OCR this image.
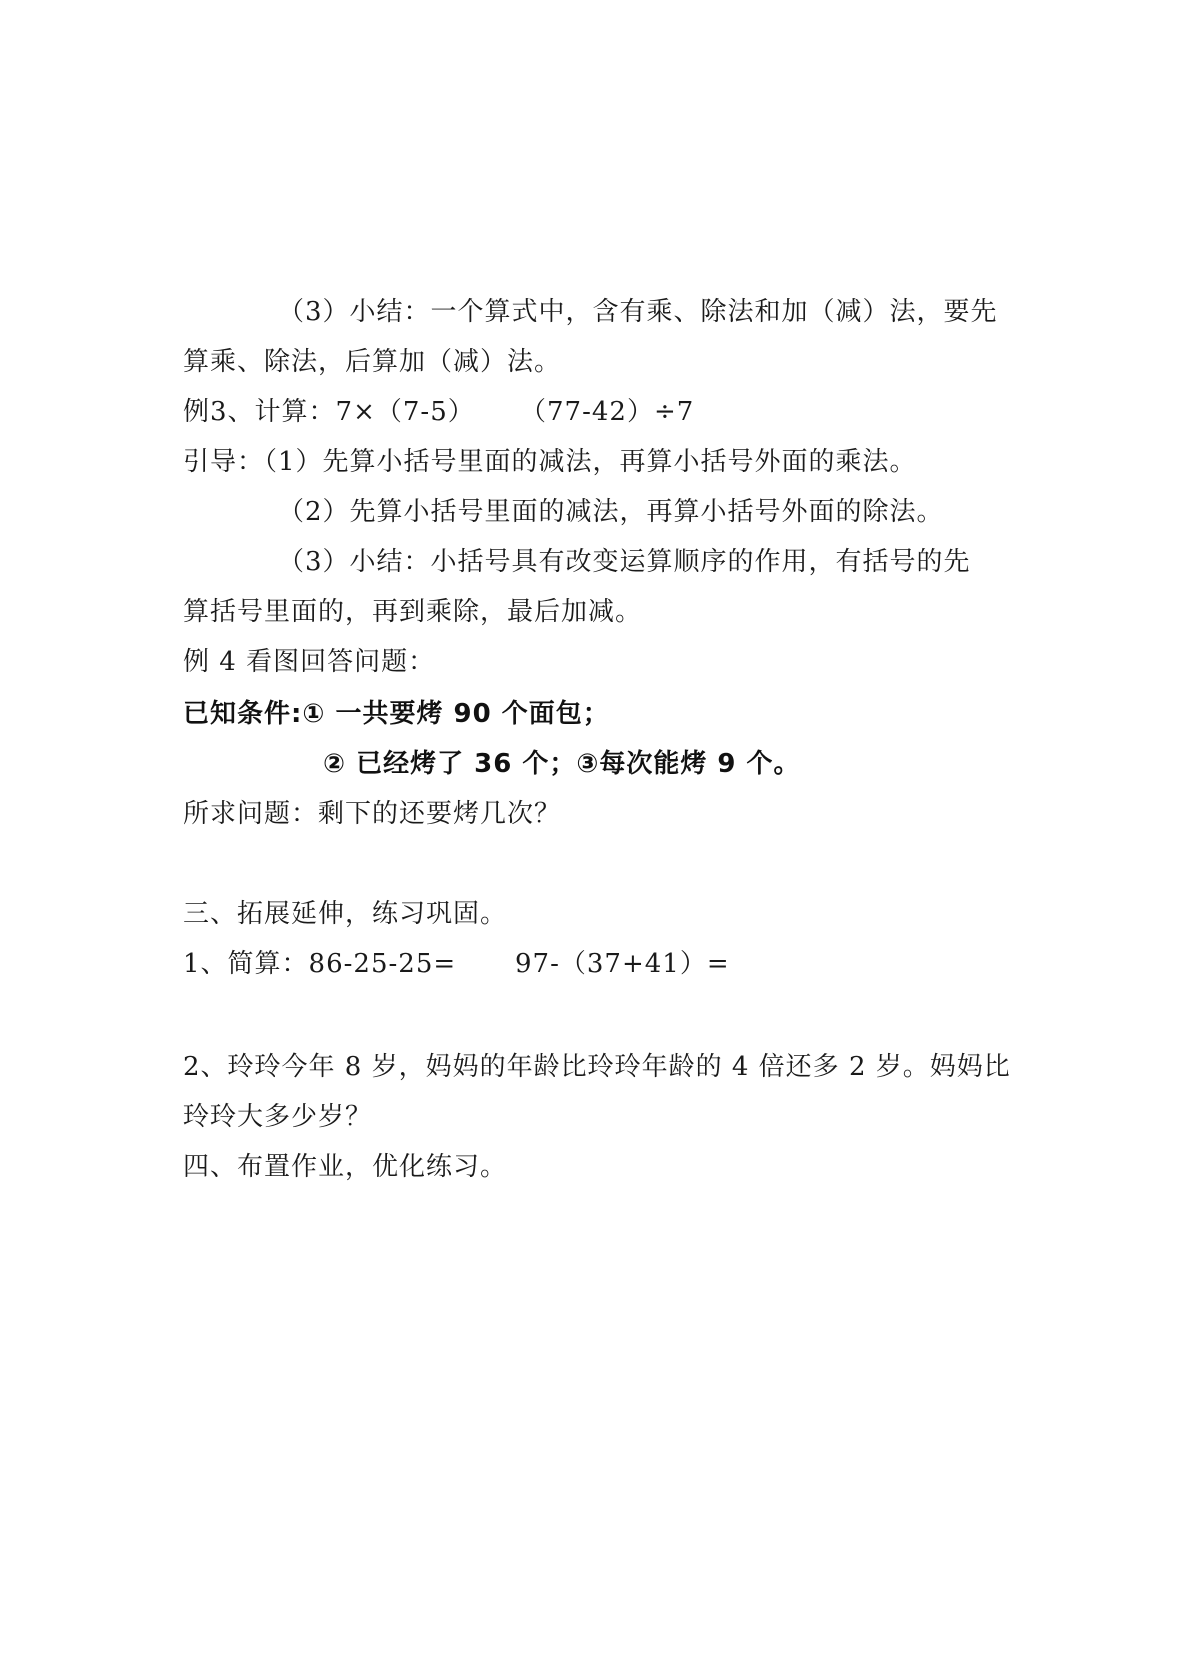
（3）小结：一个算式中，含有乘、除法和加（减）法，要先
算乘、除法，后算加（减）法。
例3、计算：7×（7-5） （77-42）÷7
引导：（1）先算小括号里面的减法，再算小括号外面的乘法。
（2）先算小括号里面的减法，再算小括号外面的除法。
（3）小结：小括号具有改变运算顺序的作用，有括号的先
算括号里面的，再到乘除，最后加减。
例 4 看图回答问题：
已知条件:① 一共要烤 90 个面包；
② 已经烤了 36 个；③每次能烤 9 个。
所求问题：剩下的还要烤几次？
三、拓展延伸，练习巩固。
1、简算：86-25-25= 97-（37+41）=
2、玲玲今年 8 岁，妈妈的年龄比玲玲年龄的 4 倍还多 2 岁。妈妈比
玲玲大多少岁？
四、布置作业，优化练习。
